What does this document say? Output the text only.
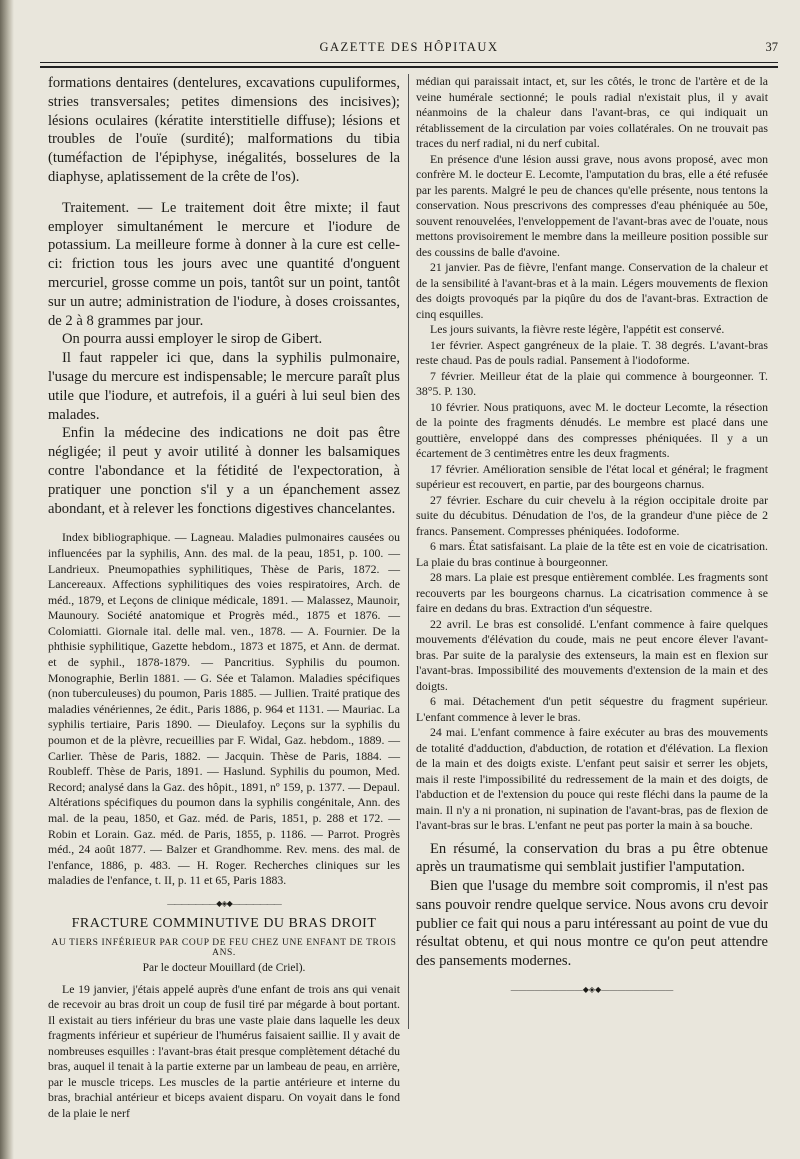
GAZETTE DES HÔPITAUX	37

formations dentaires (dentelures, excavations cupuliformes, stries transversales; petites dimensions des incisives); lésions oculaires (kératite interstitielle diffuse); lésions et troubles de l'ouïe (surdité); malformations du tibia (tuméfaction de l'épiphyse, inégalités, bosselures de la diaphyse, aplatissement de la crête de l'os).

Traitement. — Le traitement doit être mixte; il faut employer simultanément le mercure et l'iodure de potassium. La meilleure forme à donner à la cure est celle-ci: friction tous les jours avec une quantité d'onguent mercuriel, grosse comme un pois, tantôt sur un point, tantôt sur un autre; administration de l'iodure, à doses croissantes, de 2 à 8 grammes par jour.

On pourra aussi employer le sirop de Gibert.

Il faut rappeler ici que, dans la syphilis pulmonaire, l'usage du mercure est indispensable; le mercure paraît plus utile que l'iodure, et autrefois, il a guéri à lui seul bien des malades.

Enfin la médecine des indications ne doit pas être négligée; il peut y avoir utilité à donner les balsamiques contre l'abondance et la fétidité de l'expectoration, à pratiquer une ponction s'il y a un épanchement assez abondant, et à relever les fonctions digestives chancelantes.

Index bibliographique. — Lagneau. Maladies pulmonaires causées ou influencées par la syphilis, Ann. des mal. de la peau, 1851, p. 100. — Landrieux. Pneumopathies syphilitiques, Thèse de Paris, 1872. — Lancereaux. Affections syphilitiques des voies respiratoires, Arch. de méd., 1879, et Leçons de clinique médicale, 1891. — Malassez, Maunoir, Maunoury. Société anatomique et Progrès méd., 1875 et 1876. — Colomiatti. Giornale ital. delle mal. ven., 1878. — A. Fournier. De la phthisie syphilitique, Gazette hebdom., 1873 et 1875, et Ann. de dermat. et de syphil., 1878-1879. — Pancritius. Syphilis du poumon. Monographie, Berlin 1881. — G. Sée et Talamon. Maladies spécifiques (non tuberculeuses) du poumon, Paris 1885. — Jullien. Traité pratique des maladies vénériennes, 2e édit., Paris 1886, p. 964 et 1131. — Mauriac. La syphilis tertiaire, Paris 1890. — Dieulafoy. Leçons sur la syphilis du poumon et de la plèvre, recueillies par F. Widal, Gaz. hebdom., 1889. — Carlier. Thèse de Paris, 1882. — Jacquin. Thèse de Paris, 1884. — Roubleff. Thèse de Paris, 1891. — Haslund. Syphilis du poumon, Med. Record; analysé dans la Gaz. des hôpit., 1891, nº 159, p. 1377. — Depaul. Altérations spécifiques du poumon dans la syphilis congénitale, Ann. des mal. de la peau, 1850, et Gaz. méd. de Paris, 1851, p. 288 et 172. — Robin et Lorain. Gaz. méd. de Paris, 1855, p. 1186. — Parrot. Progrès méd., 24 août 1877. — Balzer et Grandhomme. Rev. mens. des mal. de l'enfance, 1886, p. 483. — H. Roger. Recherches cliniques sur les maladies de l'enfance, t. II, p. 11 et 65, Paris 1883.

———————◆◈◆———————
FRACTURE COMMINUTIVE DU BRAS DROIT
AU TIERS INFÉRIEUR PAR COUP DE FEU CHEZ UNE ENFANT DE TROIS ANS.
Par le docteur Mouillard (de Criel).

Le 19 janvier, j'étais appelé auprès d'une enfant de trois ans qui venait de recevoir au bras droit un coup de fusil tiré par mégarde à bout portant. Il existait au tiers inférieur du bras une vaste plaie dans laquelle les deux fragments inférieur et supérieur de l'humérus faisaient saillie. Il y avait de nombreuses esquilles : l'avant-bras était presque complètement détaché du bras, auquel il tenait à la partie externe par un lambeau de peau, en arrière, par le muscle triceps. Les muscles de la partie antérieure et interne du bras, brachial antérieur et biceps avaient disparu. On voyait dans le fond de la plaie le nerf

médian qui paraissait intact, et, sur les côtés, le tronc de l'artère et de la veine humérale sectionné; le pouls radial n'existait plus, il y avait néanmoins de la chaleur dans l'avant-bras, ce qui indiquait un rétablissement de la circulation par voies collatérales. On ne trouvait pas traces du nerf radial, ni du nerf cubital.

En présence d'une lésion aussi grave, nous avons proposé, avec mon confrère M. le docteur E. Lecomte, l'amputation du bras, elle a été refusée par les parents. Malgré le peu de chances qu'elle présente, nous tentons la conservation. Nous prescrivons des compresses d'eau phéniquée au 50e, souvent renouvelées, l'enveloppement de l'avant-bras avec de l'ouate, nous mettons provisoirement le membre dans la meilleure position possible sur des coussins de balle d'avoine.

21 janvier. Pas de fièvre, l'enfant mange. Conservation de la chaleur et de la sensibilité à l'avant-bras et à la main. Légers mouvements de flexion des doigts provoqués par la piqûre du dos de l'avant-bras. Extraction de cinq esquilles.

Les jours suivants, la fièvre reste légère, l'appétit est conservé.

1er février. Aspect gangréneux de la plaie. T. 38 degrés. L'avant-bras reste chaud. Pas de pouls radial. Pansement à l'iodoforme.

7 février. Meilleur état de la plaie qui commence à bourgeonner. T. 38°5. P. 130.

10 février. Nous pratiquons, avec M. le docteur Lecomte, la résection de la pointe des fragments dénudés. Le membre est placé dans une gouttière, enveloppé dans des compresses phéniquées. Il y a un écartement de 3 centimètres entre les deux fragments.

17 février. Amélioration sensible de l'état local et général; le fragment supérieur est recouvert, en partie, par des bourgeons charnus.

27 février. Eschare du cuir chevelu à la région occipitale droite par suite du décubitus. Dénudation de l'os, de la grandeur d'une pièce de 2 francs. Pansement. Compresses phéniquées. Iodoforme.

6 mars. État satisfaisant. La plaie de la tête est en voie de cicatrisation. La plaie du bras continue à bourgeonner.

28 mars. La plaie est presque entièrement comblée. Les fragments sont recouverts par les bourgeons charnus. La cicatrisation commence à se faire en dedans du bras. Extraction d'un séquestre.

22 avril. Le bras est consolidé. L'enfant commence à faire quelques mouvements d'élévation du coude, mais ne peut encore élever l'avant-bras. Par suite de la paralysie des extenseurs, la main est en flexion sur l'avant-bras. Impossibilité des mouvements d'extension de la main et des doigts.

6 mai. Détachement d'un petit séquestre du fragment supérieur. L'enfant commence à lever le bras.

24 mai. L'enfant commence à faire exécuter au bras des mouvements de totalité d'adduction, d'abduction, de rotation et d'élévation. La flexion de la main et des doigts existe. L'enfant peut saisir et serrer les objets, mais il reste l'impossibilité du redressement de la main et des doigts, de l'abduction et de l'extension du pouce qui reste fléchi dans la paume de la main. Il n'y a ni pronation, ni supination de l'avant-bras, pas de flexion de l'avant-bras sur le bras. L'enfant ne peut pas porter la main à sa bouche.

En résumé, la conservation du bras a pu être obtenue après un traumatisme qui semblait justifier l'amputation.

Bien que l'usage du membre soit compromis, il n'est pas sans pouvoir rendre quelque service. Nous avons cru devoir publier ce fait qui nous a paru intéressant au point de vue du résultat obtenu, et qui nous montre ce qu'on peut attendre des pansements modernes.

—————————◆◈◆—————————
